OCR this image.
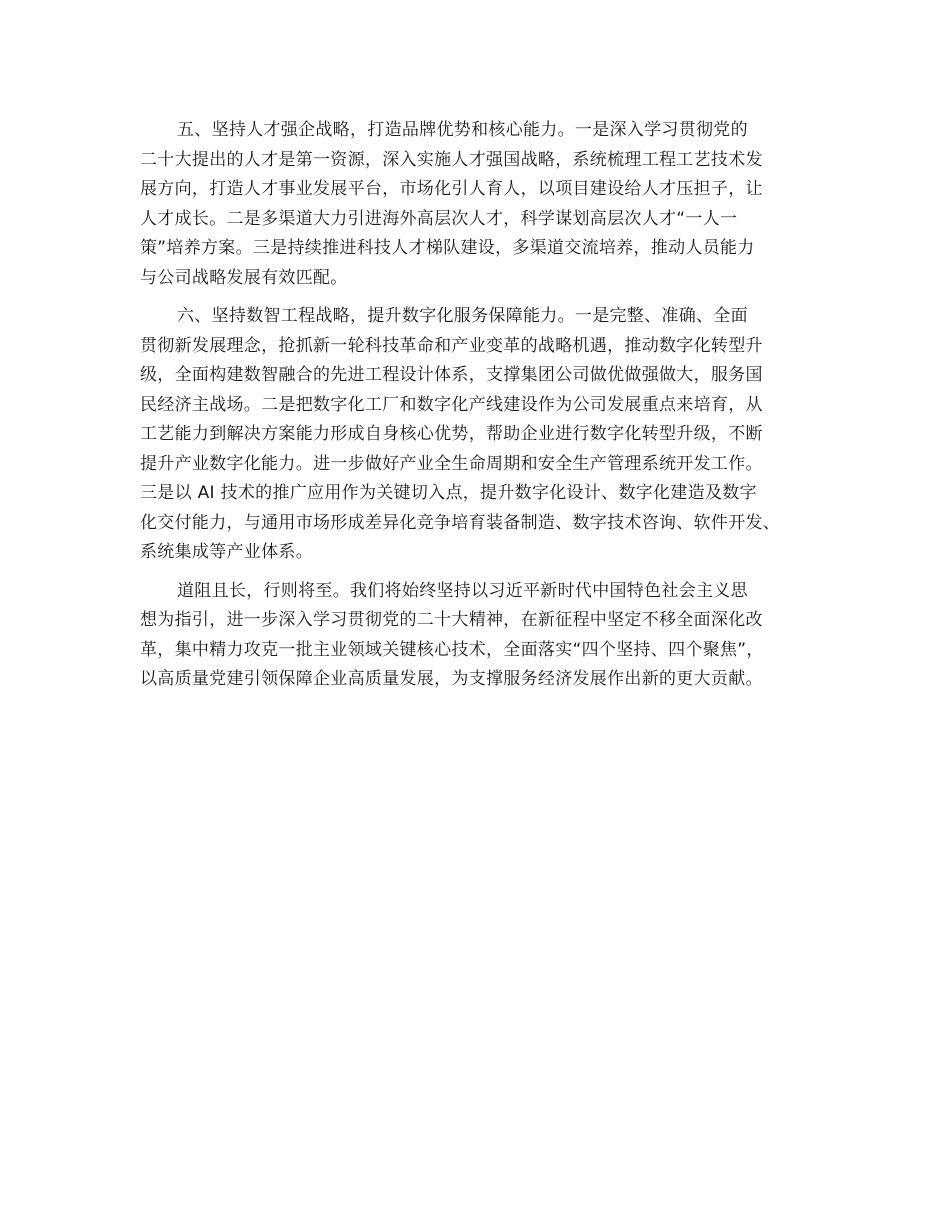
五、坚持人才强企战略，打造品牌优势和核心能力。一是深入学习贯彻党的
二十大提出的人才是第一资源，深入实施人才强国战略，系统梳理工程工艺技术发
展方向，打造人才事业发展平台，市场化引人育人，以项目建设给人才压担子，让
人才成长。二是多渠道大力引进海外高层次人才，科学谋划高层次人才“一人一
策”培养方案。三是持续推进科技人才梯队建设，多渠道交流培养，推动人员能力
与公司战略发展有效匹配。

六、坚持数智工程战略，提升数字化服务保障能力。一是完整、准确、全面
贯彻新发展理念，抢抓新一轮科技革命和产业变革的战略机遇，推动数字化转型升
级，全面构建数智融合的先进工程设计体系，支撑集团公司做优做强做大，服务国
民经济主战场。二是把数字化工厂和数字化产线建设作为公司发展重点来培育，从
工艺能力到解决方案能力形成自身核心优势，帮助企业进行数字化转型升级，不断
提升产业数字化能力。进一步做好产业全生命周期和安全生产管理系统开发工作。
三是以 AI 技术的推广应用作为关键切入点，提升数字化设计、数字化建造及数字
化交付能力，与通用市场形成差异化竞争培育装备制造、数字技术咨询、软件开发、
系统集成等产业体系。

道阻且长，行则将至。我们将始终坚持以习近平新时代中国特色社会主义思
想为指引，进一步深入学习贯彻党的二十大精神，在新征程中坚定不移全面深化改
革，集中精力攻克一批主业领域关键核心技术，全面落实“四个坚持、四个聚焦”，
以高质量党建引领保障企业高质量发展，为支撑服务经济发展作出新的更大贡献。
